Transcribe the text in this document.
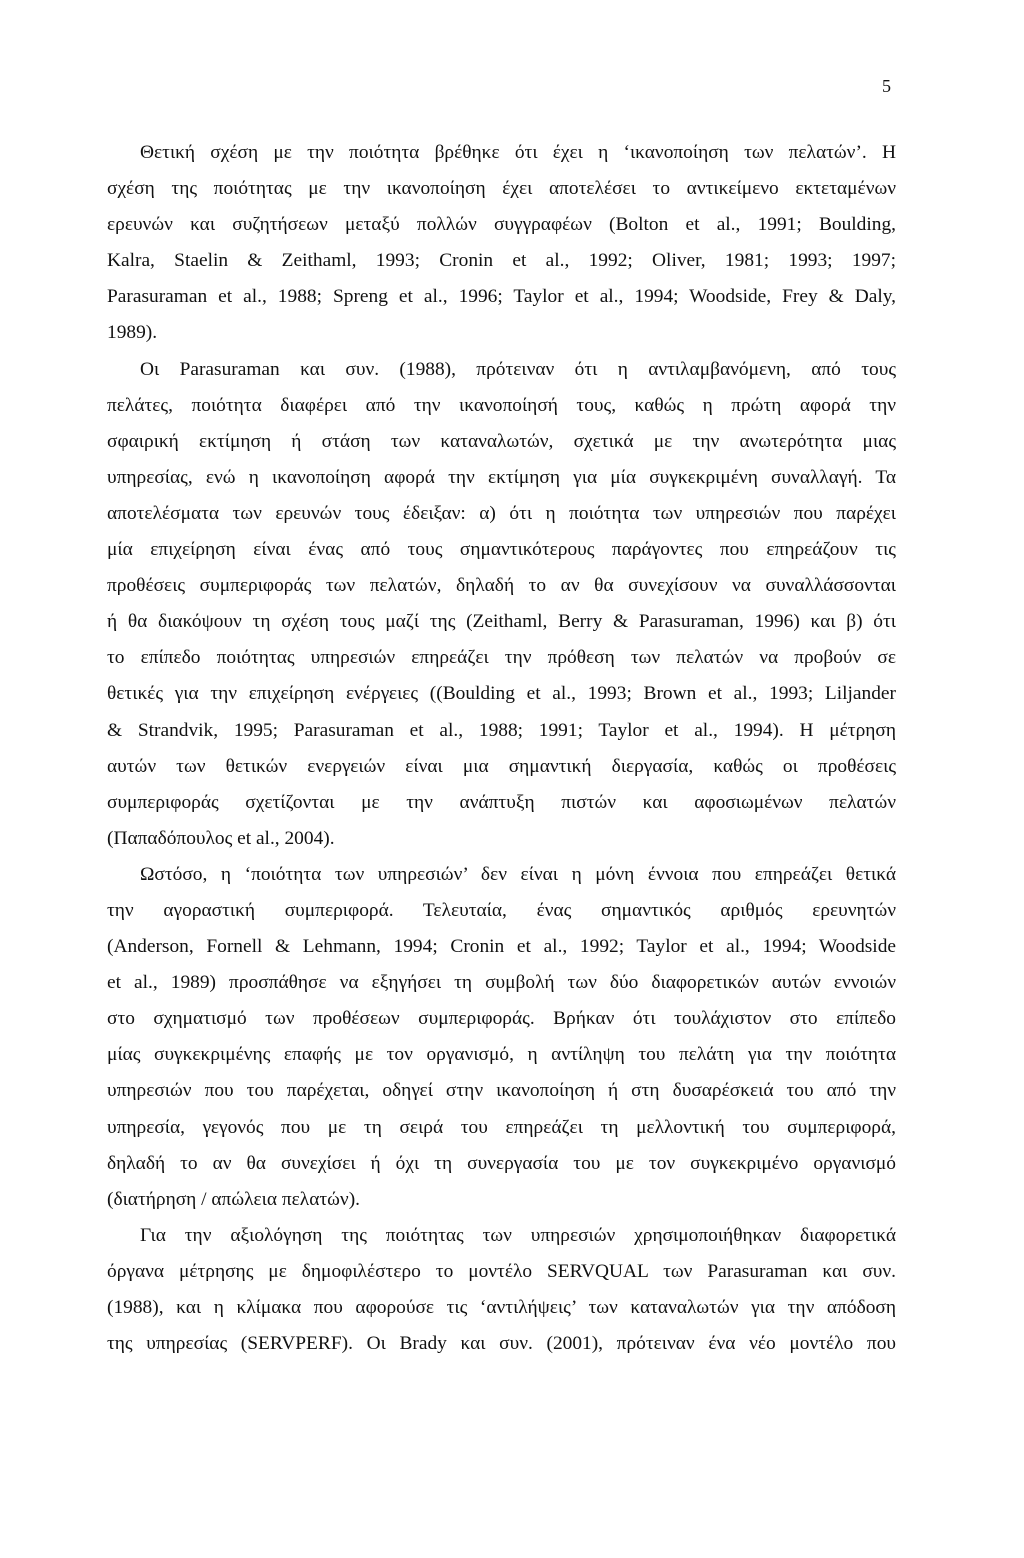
5
Θετική σχέση με την ποιότητα βρέθηκε ότι έχει η ‘ικανοποίηση των πελατών’. Η
σχέση της ποιότητας με την ικανοποίηση έχει αποτελέσει το αντικείμενο εκτεταμένων
ερευνών και συζητήσεων μεταξύ πολλών συγγραφέων (Bolton et al., 1991; Boulding,
Kalra, Staelin & Zeithaml, 1993; Cronin et al., 1992; Oliver, 1981; 1993; 1997;
Parasuraman et al., 1988; Spreng et al., 1996; Taylor et al., 1994; Woodside, Frey & Daly,
1989).
Οι Parasuraman και συν. (1988), πρότειναν ότι η αντιλαμβανόμενη, από τους
πελάτες, ποιότητα διαφέρει από την ικανοποίησή τους, καθώς η πρώτη αφορά την
σφαιρική εκτίμηση ή στάση των καταναλωτών, σχετικά με την ανωτερότητα μιας
υπηρεσίας, ενώ η ικανοποίηση αφορά την εκτίμηση για μία συγκεκριμένη συναλλαγή. Τα
αποτελέσματα των ερευνών τους έδειξαν: α) ότι η ποιότητα των υπηρεσιών που παρέχει
μία επιχείρηση είναι ένας από τους σημαντικότερους παράγοντες που επηρεάζουν τις
προθέσεις συμπεριφοράς των πελατών, δηλαδή το αν θα συνεχίσουν να συναλλάσσονται
ή θα διακόψουν τη σχέση τους μαζί της (Zeithaml, Berry & Parasuraman, 1996) και β) ότι
το επίπεδο ποιότητας υπηρεσιών επηρεάζει την πρόθεση των πελατών να προβούν σε
θετικές για την επιχείρηση ενέργειες ((Boulding et al., 1993; Brown et al., 1993; Liljander
& Strandvik, 1995; Parasuraman et al., 1988; 1991; Taylor et al., 1994). Η μέτρηση
αυτών των θετικών ενεργειών είναι μια σημαντική διεργασία, καθώς οι προθέσεις
συμπεριφοράς σχετίζονται με την ανάπτυξη πιστών και αφοσιωμένων πελατών
(Παπαδόπουλος et al., 2004).
Ωστόσο, η ‘ποιότητα των υπηρεσιών’ δεν είναι η μόνη έννοια που επηρεάζει θετικά
την αγοραστική συμπεριφορά. Τελευταία, ένας σημαντικός αριθμός ερευνητών
(Anderson, Fornell & Lehmann, 1994; Cronin et al., 1992; Taylor et al., 1994; Woodside
et al., 1989) προσπάθησε να εξηγήσει τη συμβολή των δύο διαφορετικών αυτών εννοιών
στο σχηματισμό των προθέσεων συμπεριφοράς. Βρήκαν ότι τουλάχιστον στο επίπεδο
μίας συγκεκριμένης επαφής με τον οργανισμό, η αντίληψη του πελάτη για την ποιότητα
υπηρεσιών που του παρέχεται, οδηγεί στην ικανοποίηση ή στη δυσαρέσκειά του από την
υπηρεσία, γεγονός που με τη σειρά του επηρεάζει τη μελλοντική του συμπεριφορά,
δηλαδή το αν θα συνεχίσει ή όχι τη συνεργασία του με τον συγκεκριμένο οργανισμό
(διατήρηση / απώλεια πελατών).
Για την αξιολόγηση της ποιότητας των υπηρεσιών χρησιμοποιήθηκαν διαφορετικά
όργανα μέτρησης με δημοφιλέστερο το μοντέλο SERVQUAL των Parasuraman και συν.
(1988), και η κλίμακα που αφορούσε τις ‘αντιλήψεις’ των καταναλωτών για την απόδοση
της υπηρεσίας (SERVPERF). Οι Brady και συν. (2001), πρότειναν ένα νέο μοντέλο που
